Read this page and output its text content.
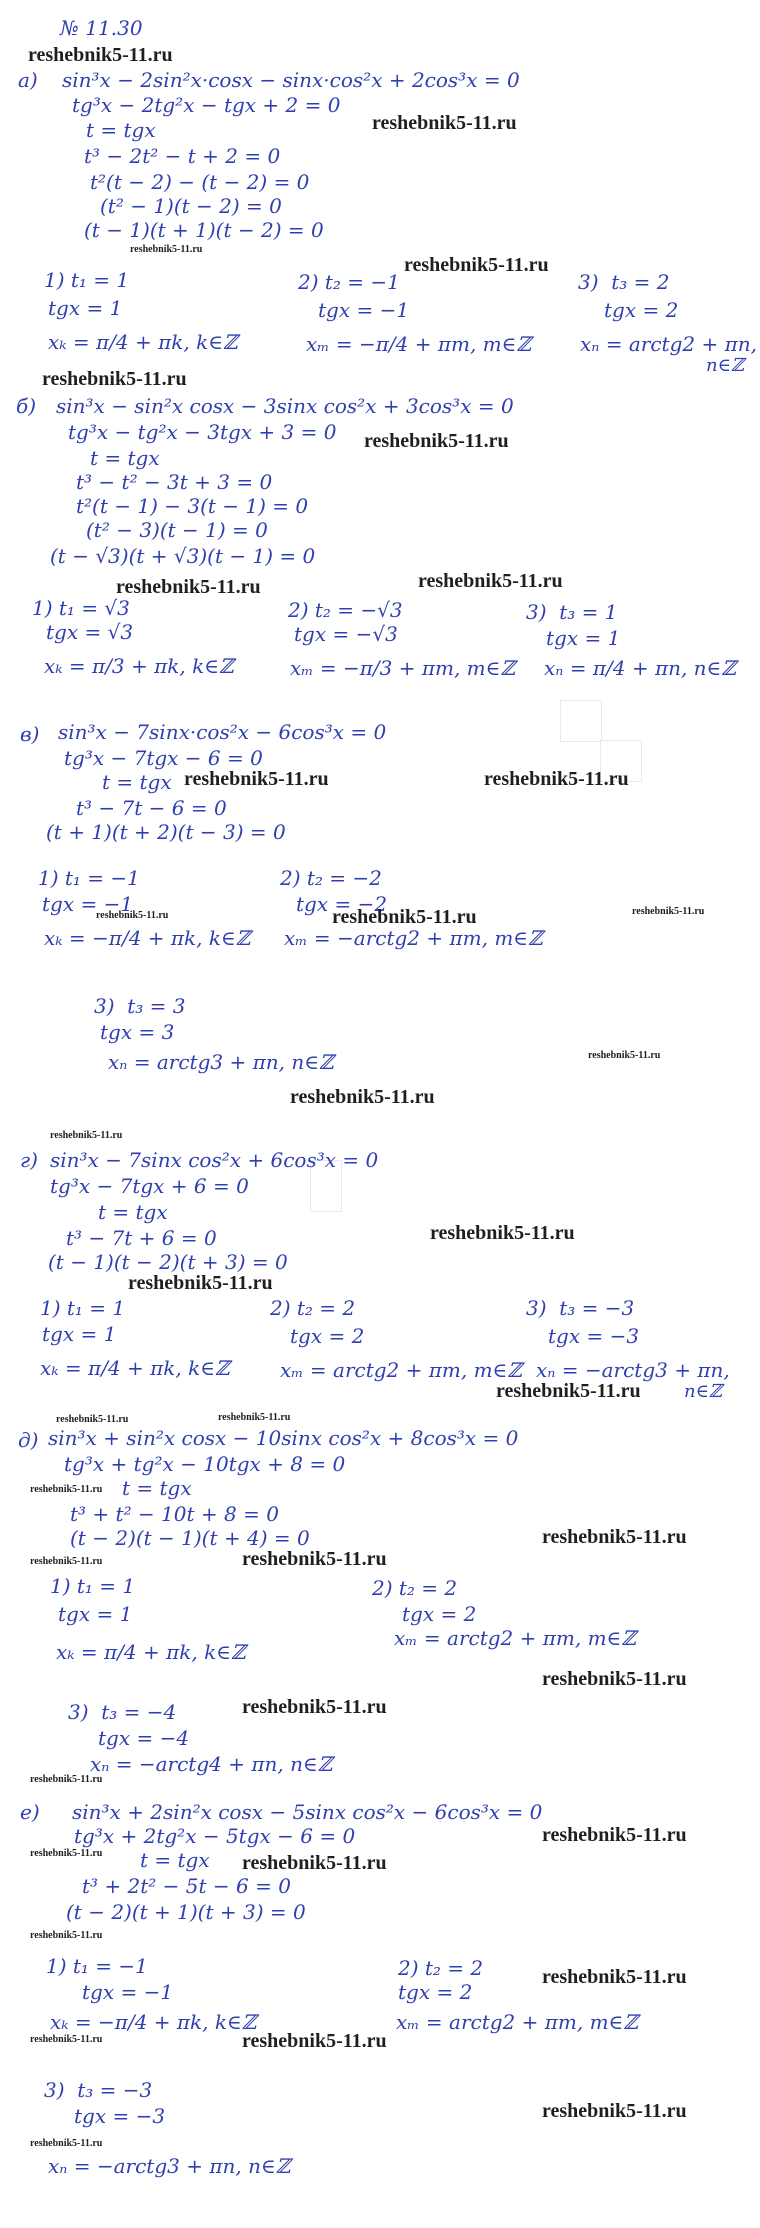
№ 11.30
reshebnik5-11.ru
а) sin³x − 2sin²x·cosx − sinx·cos²x + 2cos³x = 0
tg³x − 2tg²x − tgx + 2 = 0
reshebnik5-11.ru
t = tgx
t³ − 2t² − t + 2 = 0
t²(t − 2) − (t − 2) = 0
(t² − 1)(t − 2) = 0
(t − 1)(t + 1)(t − 2) = 0
reshebnik5-11.ru
reshebnik5-11.ru
1) t₁ = 1
tgx = 1
xₖ = π/4 + πk, k∈ℤ
2) t₂ = −1
tgx = −1
xₘ = −π/4 + πm, m∈ℤ
3)  t₃ = 2
tgx = 2
xₙ = arctg2 + πn,
n∈ℤ
reshebnik5-11.ru
б) sin³x − sin²x cosx − 3sinx cos²x + 3cos³x = 0
tg³x − tg²x − 3tgx + 3 = 0 reshebnik5-11.ru
t = tgx
t³ − t² − 3t + 3 = 0
t²(t − 1) − 3(t − 1) = 0
(t² − 3)(t − 1) = 0
(t − √3)(t + √3)(t − 1) = 0
reshebnik5-11.ru	reshebnik5-11.ru
1) t₁ = √3
tgx = √3
xₖ = π/3 + πk, k∈ℤ
2) t₂ = −√3
tgx = −√3
xₘ = −π/3 + πm, m∈ℤ
3)  t₃ = 1
tgx = 1
xₙ = π/4 + πn, n∈ℤ
в) sin³x − 7sinx·cos²x − 6cos³x = 0
tg³x − 7tgx − 6 = 0
t = tgx reshebnik5-11.ru	reshebnik5-11.ru
t³ − 7t − 6 = 0
(t + 1)(t + 2)(t − 3) = 0
1) t₁ = −1
tgx = −1
reshebnik5-11.ru
xₖ = −π/4 + πk, k∈ℤ
2) t₂ = −2
tgx = −2
reshebnik5-11.ru
xₘ = −arctg2 + πm, m∈ℤ
reshebnik5-11.ru
3)  t₃ = 3
tgx = 3
xₙ = arctg3 + πn, n∈ℤ	reshebnik5-11.ru
reshebnik5-11.ru
reshebnik5-11.ru
г) sin³x − 7sinx cos²x + 6cos³x = 0
tg³x − 7tgx + 6 = 0
t = tgx
reshebnik5-11.ru
t³ − 7t + 6 = 0
(t − 1)(t − 2)(t + 3) = 0
reshebnik5-11.ru
1) t₁ = 1
tgx = 1
xₖ = π/4 + πk, k∈ℤ
2) t₂ = 2
tgx = 2
xₘ = arctg2 + πm, m∈ℤ
3)  t₃ = −3
tgx = −3
xₙ = −arctg3 + πn,
n∈ℤ
reshebnik5-11.ru
reshebnik5-11.ru	reshebnik5-11.ru
д) sin³x + sin²x cosx − 10sinx cos²x + 8cos³x = 0
tg³x + tg²x − 10tgx + 8 = 0
reshebnik5-11.ru t = tgx
t³ + t² − 10t + 8 = 0
(t − 2)(t − 1)(t + 4) = 0	reshebnik5-11.ru
reshebnik5-11.ru	reshebnik5-11.ru
1) t₁ = 1
tgx = 1
xₖ = π/4 + πk, k∈ℤ
2) t₂ = 2
tgx = 2
xₘ = arctg2 + πm, m∈ℤ
reshebnik5-11.ru
3)  t₃ = −4	reshebnik5-11.ru
tgx = −4
xₙ = −arctg4 + πn, n∈ℤ
reshebnik5-11.ru
е) sin³x + 2sin²x cosx − 5sinx cos²x − 6cos³x = 0
tg³x + 2tg²x − 5tgx − 6 = 0	reshebnik5-11.ru
reshebnik5-11.ru t = tgx reshebnik5-11.ru
t³ + 2t² − 5t − 6 = 0
(t − 2)(t + 1)(t + 3) = 0
reshebnik5-11.ru
1) t₁ = −1
tgx = −1
xₖ = −π/4 + πk, k∈ℤ
reshebnik5-11.ru	reshebnik5-11.ru
2) t₂ = 2
tgx = 2
reshebnik5-11.ru
xₘ = arctg2 + πm, m∈ℤ
3)  t₃ = −3
tgx = −3	reshebnik5-11.ru
reshebnik5-11.ru
xₙ = −arctg3 + πn, n∈ℤ
